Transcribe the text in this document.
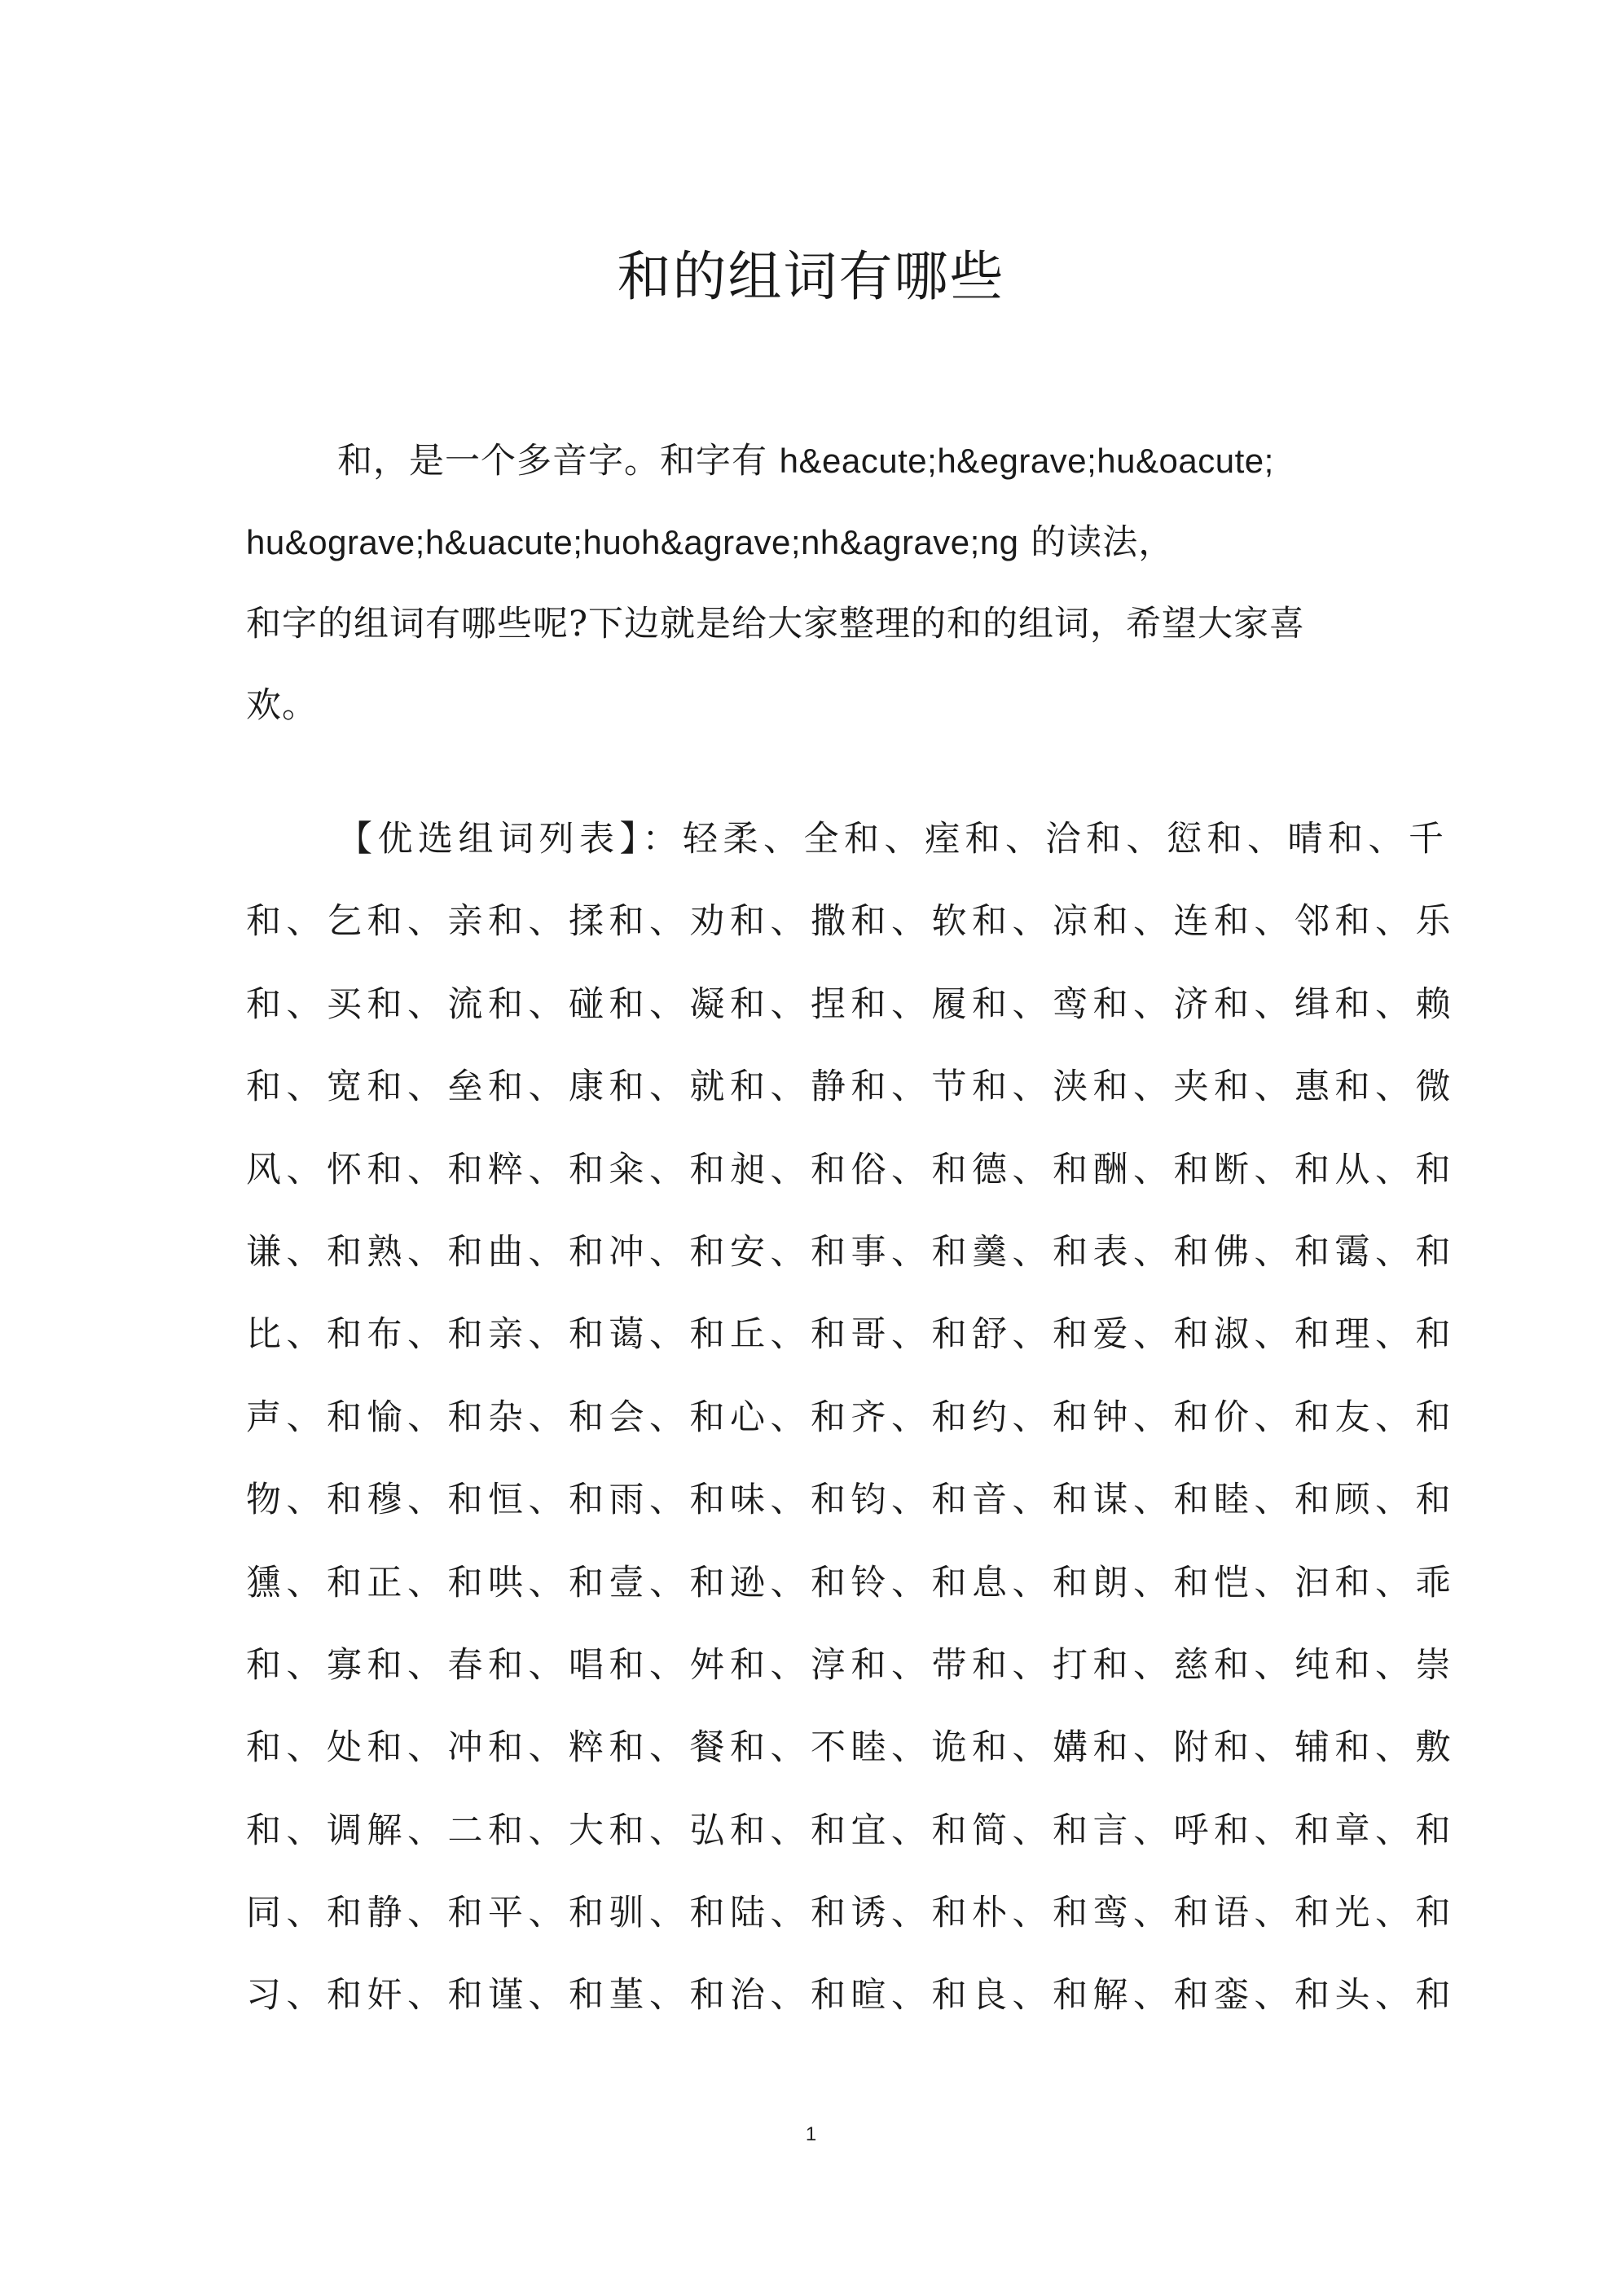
和的组词有哪些
和，是一个多音字。和字有 h&eacute;h&egrave;hu&oacute;
hu&ograve;h&uacute;huoh&agrave;nh&agrave;ng 的读法，
和字的组词有哪些呢?下边就是给大家整理的和的组词，希望大家喜
欢。
【优选组词列表】：轻柔、全和、痓和、洽和、愆和、晴和、千
和、乞和、亲和、揉和、劝和、撒和、软和、凉和、连和、邻和、乐
和、买和、流和、碰和、凝和、捏和、履和、鸾和、济和、缉和、赖
和、宽和、垒和、康和、就和、静和、节和、浃和、夹和、惠和、微
风、怀和、和粹、和籴、和昶、和俗、和德、和酬、和断、和从、和
谦、和熟、和曲、和冲、和安、和事、和羹、和表、和佛、和霭、和
比、和布、和亲、和蔼、和丘、和哥、和舒、和爱、和淑、和理、和
声、和愉、和杂、和会、和心、和齐、和约、和钟、和价、和友、和
物、和穆、和恒、和雨、和味、和钧、和音、和谋、和睦、和顾、和
獯、和正、和哄、和壹、和逊、和铃、和息、和朗、和恺、汩和、乖
和、寡和、春和、唱和、舛和、淳和、带和、打和、慈和、纯和、崇
和、处和、冲和、粹和、餐和、不睦、诡和、媾和、附和、辅和、敷
和、调解、二和、大和、弘和、和宜、和简、和言、呼和、和章、和
同、和静、和平、和驯、和陆、和诱、和朴、和鸾、和语、和光、和
习、和奸、和谨、和堇、和治、和暄、和良、和解、和銮、和头、和
1
